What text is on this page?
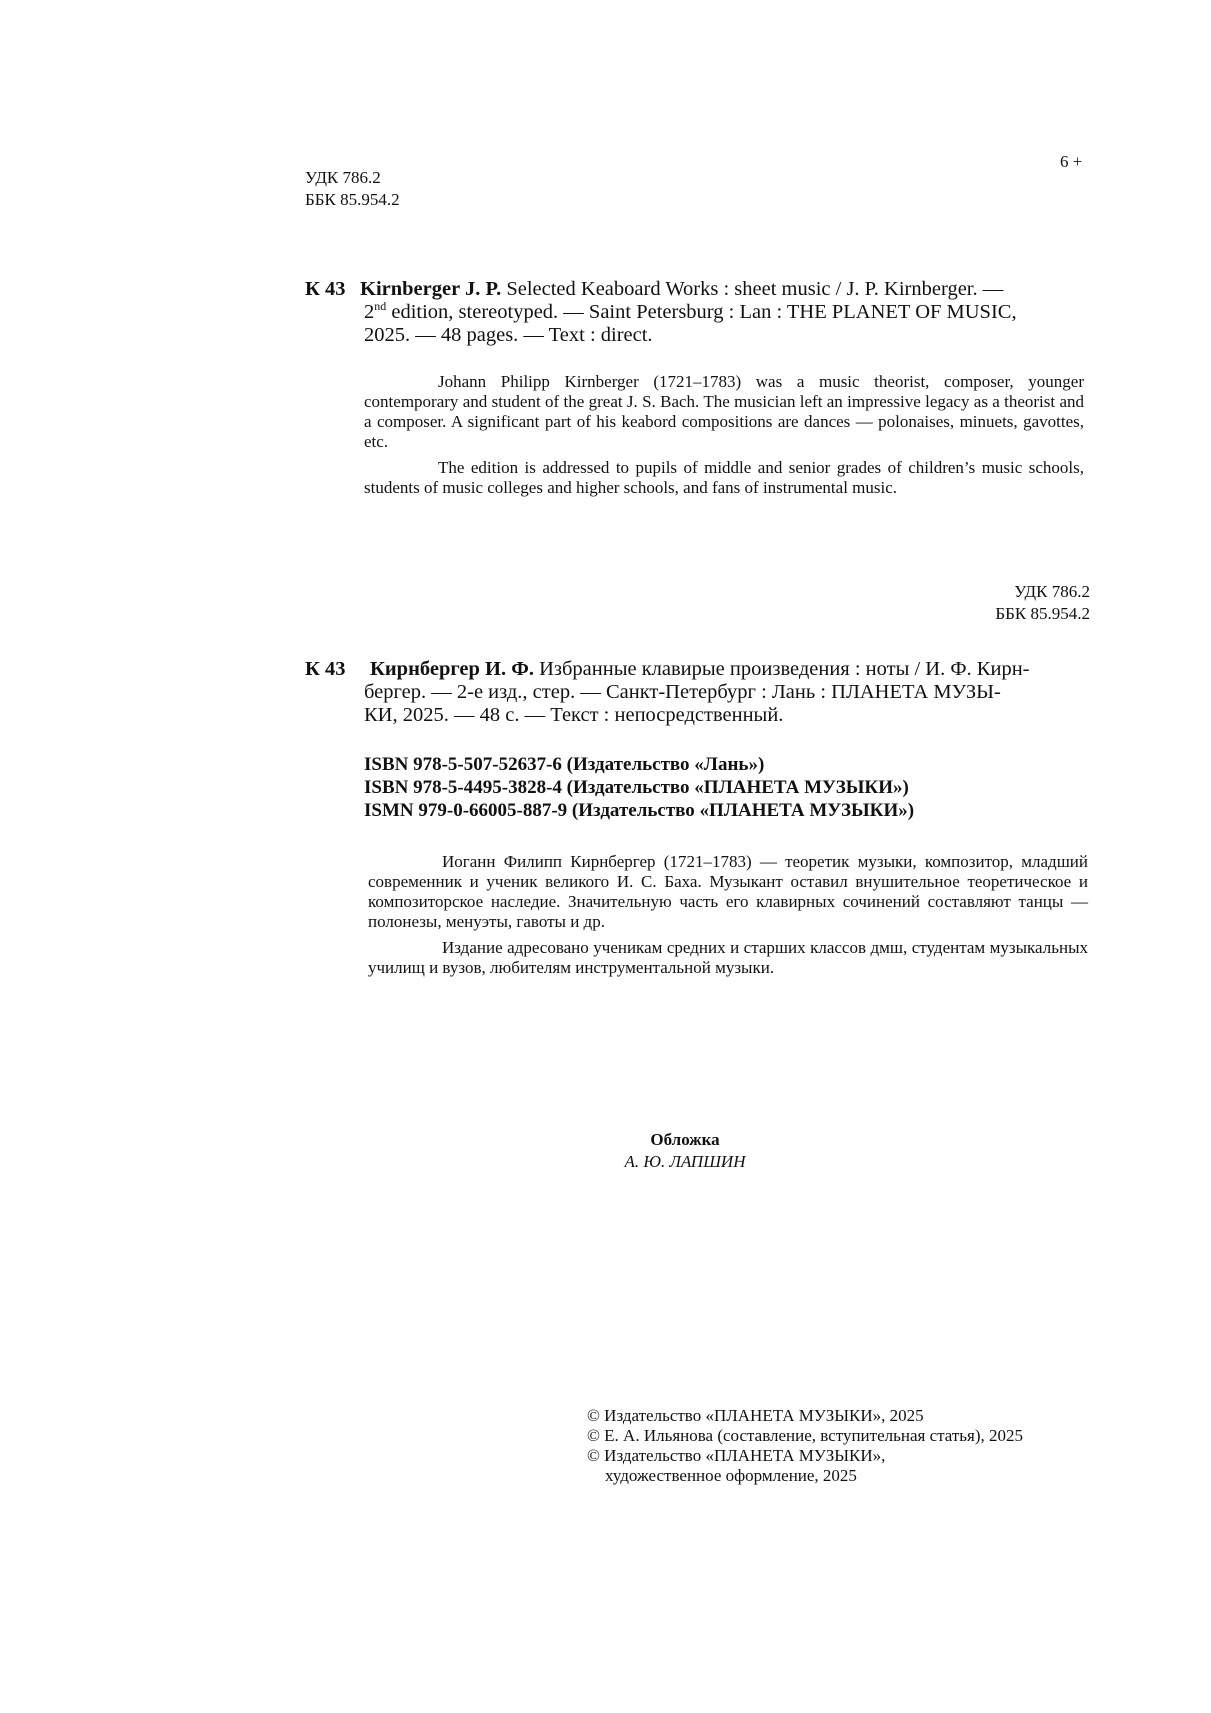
6 +
УДК 786.2
ББК 85.954.2
К 43 Kirnberger J. P. Selected Keaboard Works : sheet music / J. P. Kirnberger. —
2nd edition, stereotyped. — Saint Petersburg : Lan : THE PLANET OF MUSIC,
2025. — 48 pages. — Text : direct.
Johann Philipp Kirnberger (1721–1783) was a music theorist, composer, younger contemporary and student of the great J. S. Bach. The musician left an impressive legacy as a theorist and a composer. A significant part of his keabord compositions are dances — polonaises, minuets, gavottes, etc.
The edition is addressed to pupils of middle and senior grades of children’s music schools, students of music colleges and higher schools, and fans of instrumental music.
УДК 786.2
ББК 85.954.2
К 43 Кирнбергер И. Ф. Избранные клавирые произведения : ноты / И. Ф. Кирн-
бергер. — 2-е изд., стер. — Санкт-Петербург : Лань : ПЛАНЕТА МУЗЫ-
КИ, 2025. — 48 с. — Текст : непосредственный.
ISBN 978-5-507-52637-6 (Издательство «Лань»)
ISBN 978-5-4495-3828-4 (Издательство «ПЛАНЕТА МУЗЫКИ»)
ISMN 979-0-66005-887-9 (Издательство «ПЛАНЕТА МУЗЫКИ»)
Иоганн Филипп Кирнбергер (1721–1783) — теоретик музыки, композитор, младший современник и ученик великого И. С. Баха. Музыкант оставил внушительное теоретическое и композиторское наследие. Значительную часть его клавирных сочинений составляют танцы — полонезы, менуэты, гавоты и др.
Издание адресовано ученикам средних и старших классов дмш, студентам музыкальных училищ и вузов, любителям инструментальной музыки.
Обложка
А. Ю. ЛАПШИН
© Издательство «ПЛАНЕТА МУЗЫКИ», 2025
© Е. А. Ильянова (составление, вступительная статья), 2025
© Издательство «ПЛАНЕТА МУЗЫКИ»,
художественное оформление, 2025
